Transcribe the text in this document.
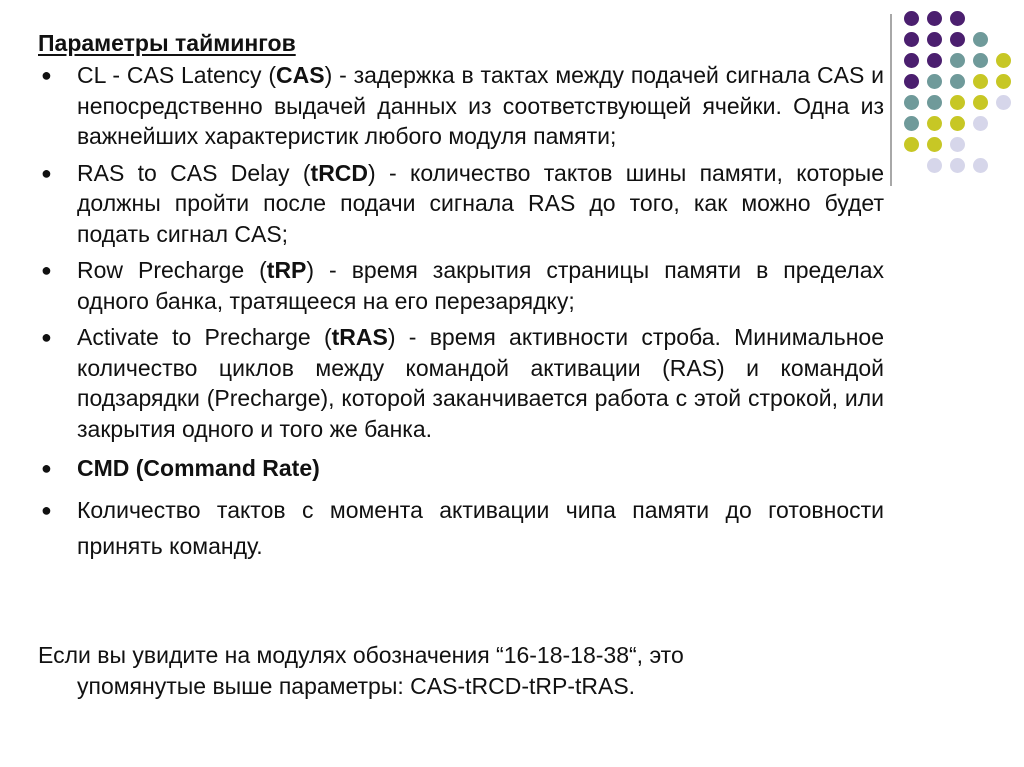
Параметры таймингов
● CL - CAS Latency (CAS) - задержка в тактах между подачей сигнала CAS и непосредственно выдачей данных из соответствующей ячейки. Одна из важнейших характеристик любого модуля памяти;
● RAS to CAS Delay (tRCD) - количество тактов шины памяти, которые должны пройти после подачи сигнала RAS до того, как можно будет подать сигнал CAS;
● Row Precharge (tRP) - время закрытия страницы памяти в пределах одного банка, тратящееся на его перезарядку;
● Activate to Precharge (tRAS) - время активности строба. Минимальное количество циклов между командой активации (RAS) и командой подзарядки (Precharge), которой заканчивается работа с этой строкой, или закрытия одного и того же банка.
● CMD (Command Rate)
● Количество тактов с момента активации чипа памяти до готовности принять команду.

Если вы увидите на модулях обозначения “16-18-18-38“, это
упомянутые выше параметры: CAS-tRCD-tRP-tRAS.
